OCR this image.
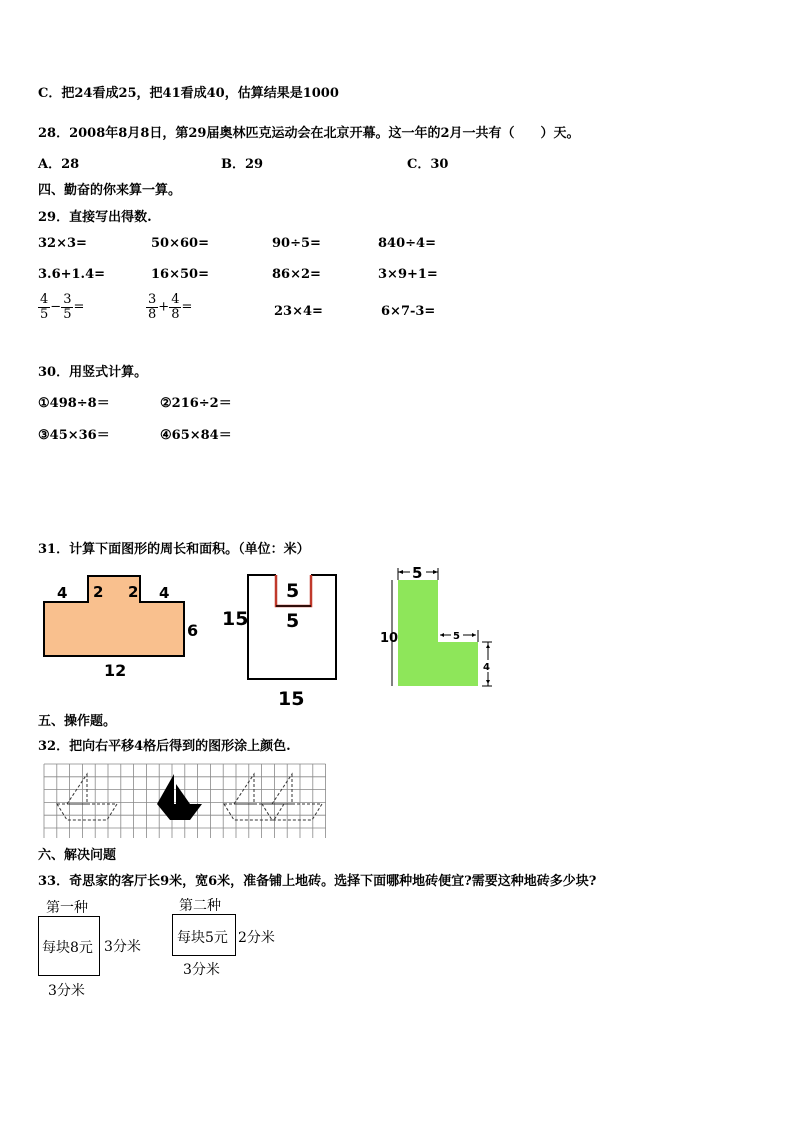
C．把24看成25，把41看成40，估算结果是1000
28．2008年8月8日，第29届奥林匹克运动会在北京开幕。这一年的2月一共有（　　）天。
A．28	B．29	C．30
四、勤奋的你来算一算。
29．直接写出得数.
32×3=	50×60=	90÷5=	840÷4=
3.6+1.4=	16×50=	86×2=	3×9+1=
$\frac{4}{5} - \frac{3}{5}$ =	$\frac{3}{8} + \frac{4}{8}$ =	23×4=	6×7-3=
30．用竖式计算。
①498÷8＝	②216÷2＝
③45×36＝	④65×84＝
31．计算下面图形的周长和面积。（单位：米）
4 2 2 4
6
12
5
5
15
15
5
10	5
4
五、操作题。
32．把向右平移4格后得到的图形涂上颜色.
六、解决问题
33．奇思家的客厅长9米，宽6米，准备铺上地砖。选择下面哪种地砖便宜?需要这种地砖多少块?
第一种
每块8元 3分米
3分米
第二种
每块5元 2分米
3分米
